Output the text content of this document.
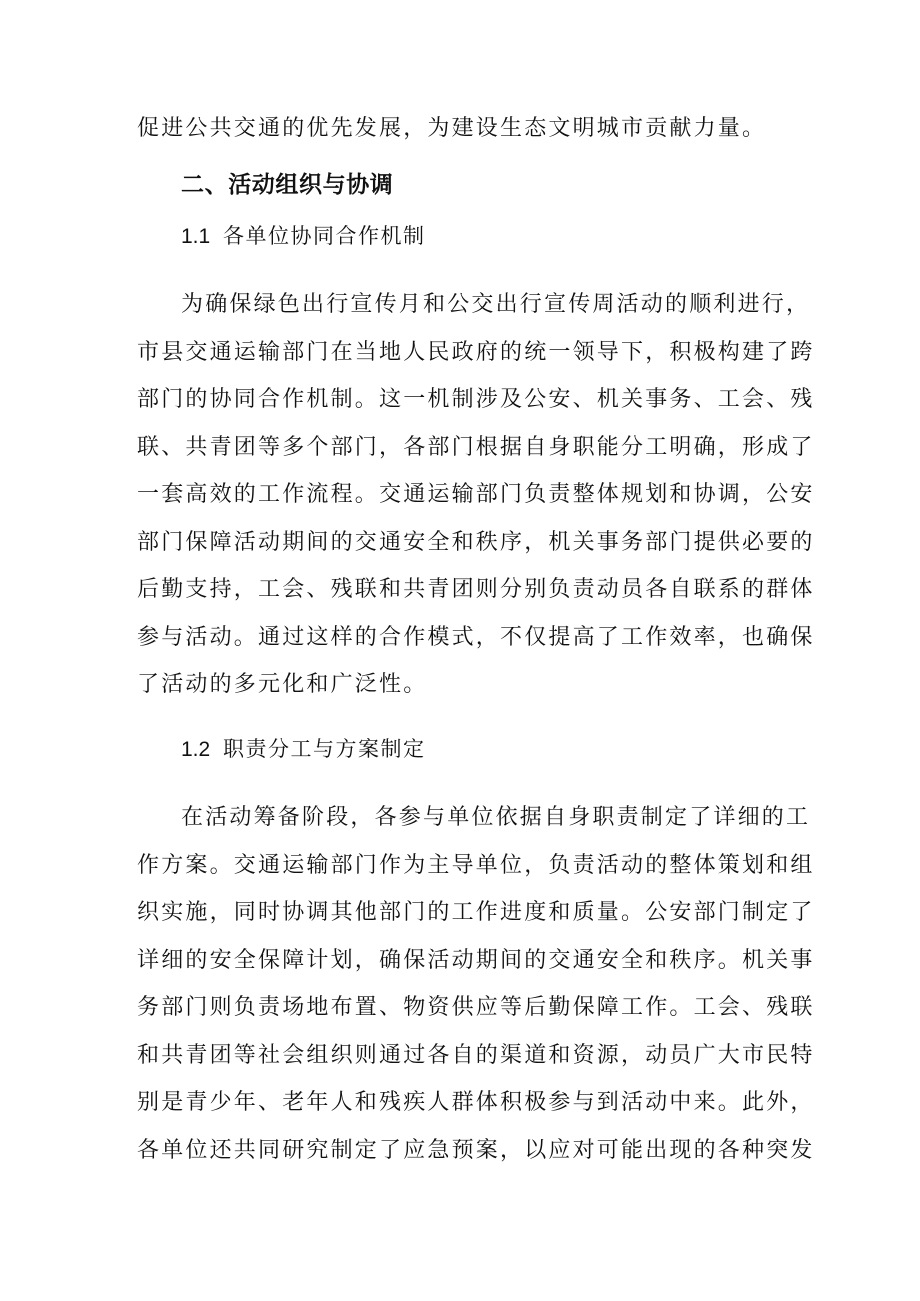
促进公共交通的优先发展，为建设生态文明城市贡献力量。
二、活动组织与协调
1.1 各单位协同合作机制
为确保绿色出行宣传月和公交出行宣传周活动的顺利进行，
市县交通运输部门在当地人民政府的统一领导下，积极构建了跨
部门的协同合作机制。这一机制涉及公安、机关事务、工会、残
联、共青团等多个部门，各部门根据自身职能分工明确，形成了
一套高效的工作流程。交通运输部门负责整体规划和协调，公安
部门保障活动期间的交通安全和秩序，机关事务部门提供必要的
后勤支持，工会、残联和共青团则分别负责动员各自联系的群体
参与活动。通过这样的合作模式，不仅提高了工作效率，也确保
了活动的多元化和广泛性。
1.2 职责分工与方案制定
在活动筹备阶段，各参与单位依据自身职责制定了详细的工
作方案。交通运输部门作为主导单位，负责活动的整体策划和组
织实施，同时协调其他部门的工作进度和质量。公安部门制定了
详细的安全保障计划，确保活动期间的交通安全和秩序。机关事
务部门则负责场地布置、物资供应等后勤保障工作。工会、残联
和共青团等社会组织则通过各自的渠道和资源，动员广大市民特
别是青少年、老年人和残疾人群体积极参与到活动中来。此外，
各单位还共同研究制定了应急预案，以应对可能出现的各种突发
